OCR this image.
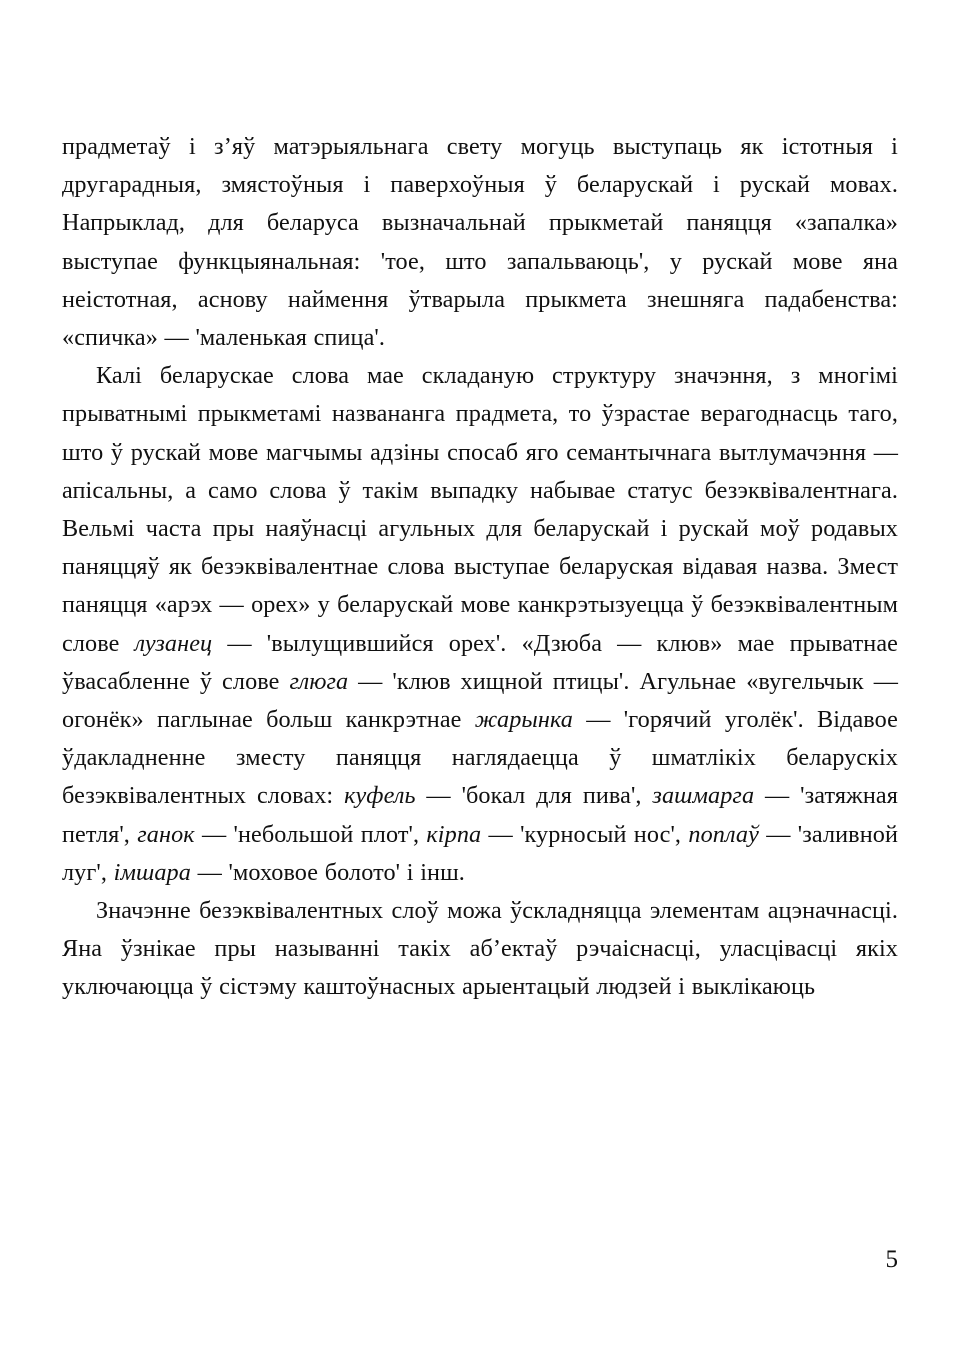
прадметаў і з’яў матэрыяльнага свету могуць выступаць як істотныя і другарадныя, змястоўныя і паверхоўныя ў беларускай і рускай мовах. Напрыклад, для беларуса вызначальнай прыкметай паняцця «запалка» выступае функцыянальная: 'тое, што запальваюць', у рускай мове яна неістотная, аснову наймення ўтварыла прыкмета знешняга падабенства: «спичка» — 'маленькая спица'.

Калі беларускае слова мае складаную структуру значэння, з многімі прыватнымі прыкметамі названанга прадмета, то ўзрастае верагоднасць таго, што ў рускай мове магчымы адзіны спосаб яго семантычнага вытлумачэння — апісальны, а само слова ў такім выпадку набывае статус безэквівалентнага. Вельмі часта пры наяўнасці агульных для беларускай і рускай моў родавых паняццяў як безэквівалентнае слова выступае беларуская відавая назва. Змест паняцця «арэх — орех» у беларускай мове канкрэтызуецца ў безэквівалентным слове лузанец — 'вылущившийся орех'. «Дзюба — клюв» мае прыватнае ўвасабленне ў слове глюга — 'клюв хищной птицы'. Агульнае «вугельчык — огонёк» паглынае больш канкрэтнае жарынка — 'горячий уголёк'. Відавое ўдакладненне зместу паняцця наглядаецца ў шматлікіх беларускіх безэквівалентных словах: куфель — 'бокал для пива', зашмарга — 'затяжная петля', ганок — 'небольшой плот', кірпа — 'курносый нос', поплаў — 'заливной луг', імшара — 'моховое болото' і інш.

Значэнне безэквівалентных слоў можа ўскладняцца элементам ацэначнасці. Яна ўзнікае пры называнні такіх аб’ектаў рэчаіснасці, уласцівасці якіх уключаюцца ў сістэму каштоўнасных арыентацый людзей і выклікаюць

5
